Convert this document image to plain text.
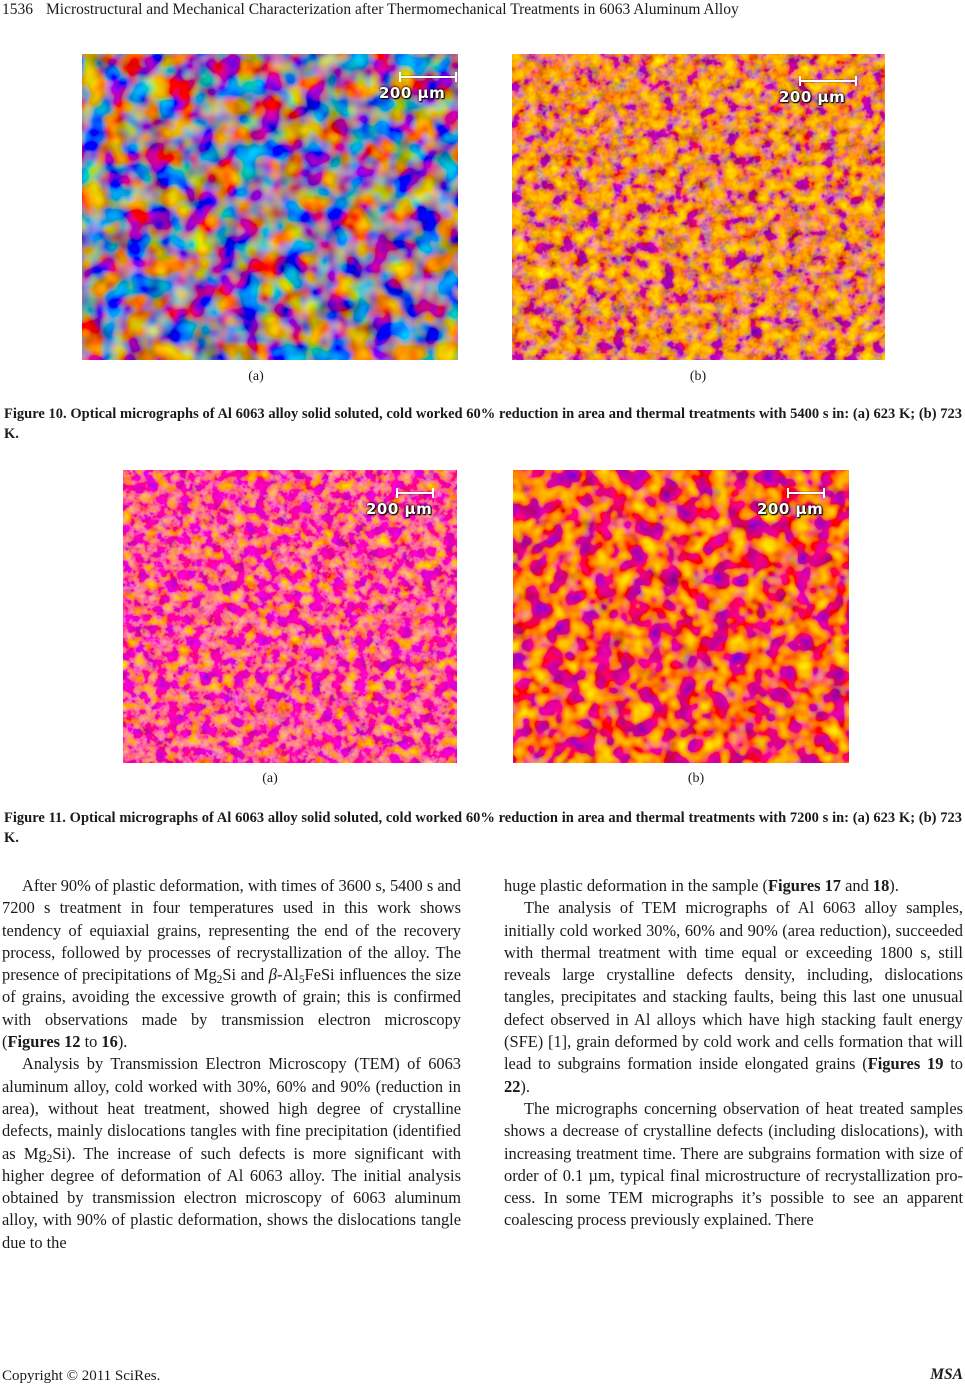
1536 Microstructural and Mechanical Characterization after Thermomechanical Treatments in 6063 Aluminum Alloy
200 µm
(a)
200 µm
(b)
Figure 10. Optical micrographs of Al 6063 alloy solid soluted, cold worked 60% reduction in area and thermal treatments with 5400 s in: (a) 623 K; (b) 723 K.
200 µm
(a)
200 µm
(b)
Figure 11. Optical micrographs of Al 6063 alloy solid soluted, cold worked 60% reduction in area and thermal treatments with 7200 s in: (a) 623 K; (b) 723 K.

After 90% of plastic deformation, with times of 3600 s, 5400 s and 7200 s treatment in four temperatures used in this work shows tendency of equiaxial grains, representing the end of the recovery process, followed by processes of recrystallization of the alloy. The presence of precipitations of $Mg_2Si$ and $\beta-Al_5FeSi$ influences the size of grains, avoiding the excessive growth of grain; this is confirmed with observations made by transmission electron microscopy (Figures 12 to 16).

Analysis by Transmission Electron Microscopy (TEM) of 6063 aluminum alloy, cold worked with 30%, 60% and 90% (reduction in area), without heat treatment, showed high degree of crystalline defects, mainly dislocations tangles with fine precipitation (identified as $Mg_2Si$). The increase of such defects is more significant with higher degree of deformation of Al 6063 alloy. The initial analysis obtained by transmission electron microscopy of 6063 aluminum alloy, with 90% of plastic deformation, shows the dislocations tangle due to the

huge plastic deformation in the sample (Figures 17 and 18).

The analysis of TEM micrographs of Al 6063 alloy samples, initially cold worked 30%, 60% and 90% (area reduction), succeeded with thermal treatment with time equal or exceeding 1800 s, still reveals large crystalline defects density, including, dislocations tangles, precipitates and stacking faults, being this last one unusual defect observed in Al alloys which have high stacking fault energy (SFE) [1], grain deformed by cold work and cells formation that will lead to subgrains formation inside elongated grains (Figures 19 to 22).

The micrographs concerning observation of heat treated samples shows a decrease of crystalline defects (including dislocations), with increasing treatment time. There are subgrains formation with size of order of 0.1 µm, typical final microstructure of recrystallization process. In some TEM micrographs it’s possible to see an apparent coalescing process previously explained. There

Copyright © 2011 SciRes.	MSA
